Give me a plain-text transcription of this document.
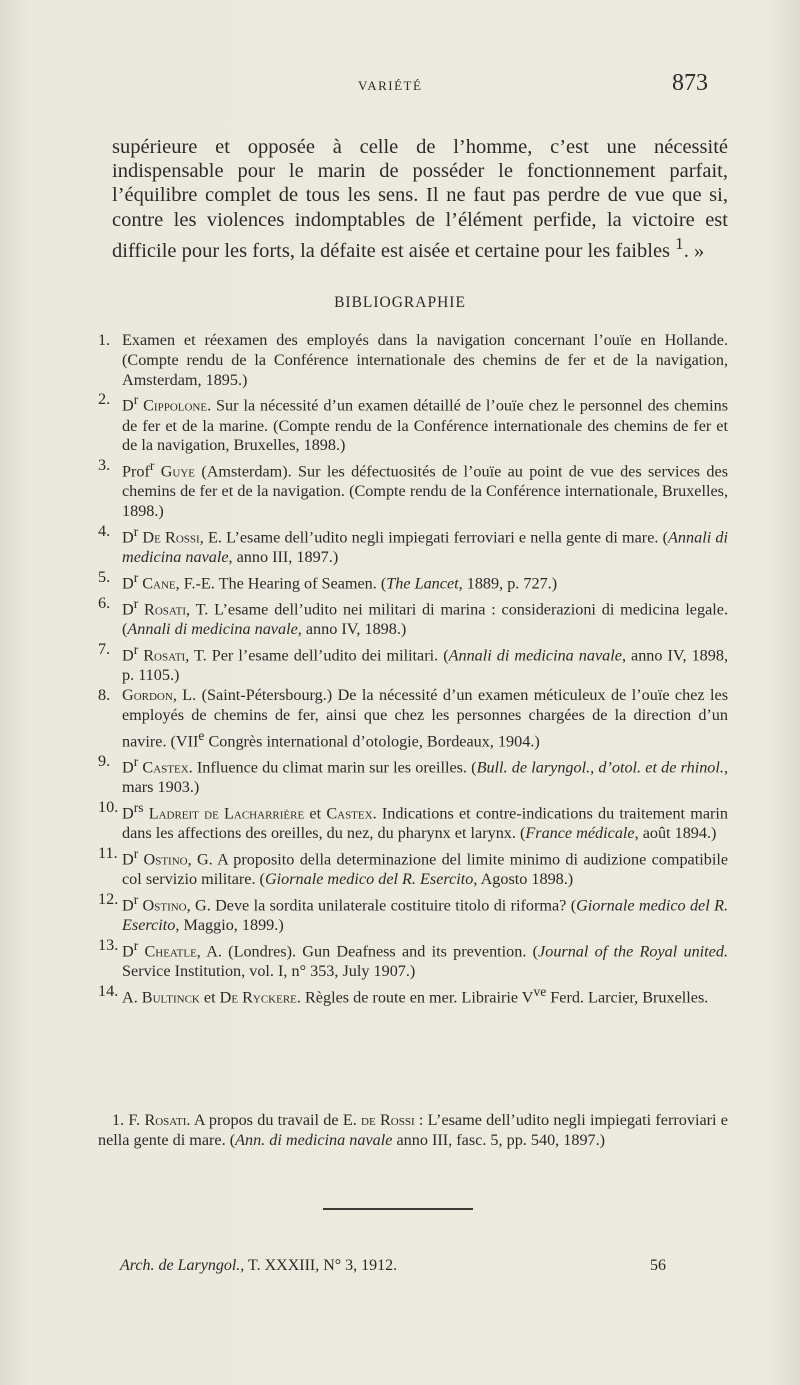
VARIÉTÉ	873

supérieure et opposée à celle de l’homme, c’est une nécessité indispensable pour le marin de posséder le fonctionnement parfait, l’équilibre complet de tous les sens. Il ne faut pas perdre de vue que si, contre les violences indomptables de l’élément perfide, la victoire est difficile pour les forts, la défaite est aisée et certaine pour les faibles $^1$. »

BIBLIOGRAPHIE
1 . Examen et réexamen des employés dans la navigation concernant l’ouïe en Hollande. (Compte rendu de la Conférence internationale des chemins de fer et de la navigation, Amsterdam, 1895.)
2 . $D^r$ Cippolone. Sur la nécessité d’un examen détaillé de l’ouïe chez le personnel des chemins de fer et de la marine. (Compte rendu de la Conférence internationale des chemins de fer et de la navigation, Bruxelles, 1898.)
3 . Prof$^r$ Guye (Amsterdam). Sur les défectuosités de l’ouïe au point de vue des services des chemins de fer et de la navigation. (Compte rendu de la Conférence internationale, Bruxelles, 1898.)
4 . $D^r$ De Rossi, E. L’esame dell’udito negli impiegati ferroviari e nella gente di mare. (Annali di medicina navale, anno III, 1897.)
5 . $D^r$ Cane, F.-E. The Hearing of Seamen. (The Lancet, 1889, p. 727.)
6 . $D^r$ Rosati, T. L’esame dell’udito nei militari di marina : considerazioni di medicina legale. (Annali di medicina navale, anno IV, 1898.)
7 . $D^r$ Rosati, T. Per l’esame dell’udito dei militari. (Annali di medicina navale, anno IV, 1898, p. 1105.)
8 . Gordon, L. (Saint-Pétersbourg.) De la nécessité d’un examen méticuleux de l’ouïe chez les employés de chemins de fer, ainsi que chez les personnes chargées de la direction d’un navire. (VIIe Congrès international d’otologie, Bordeaux, 1904.)
9 . $D^r$ Castex. Influence du climat marin sur les oreilles. (Bull. de laryngol., d’otol. et de rhinol., mars 1903.)
10 . $D^{rs}$ Ladreit de Lacharrière et Castex. Indications et contre-indications du traitement marin dans les affections des oreilles, du nez, du pharynx et larynx. (France médicale, août 1894.)
11 . $D^r$ Ostino, G. A proposito della determinazione del limite minimo di audizione compatibile col servizio militare. (Giornale medico del R. Esercito, Agosto 1898.)
12 . $D^r$ Ostino, G. Deve la sordita unilaterale costituire titolo di riforma? (Giornale medico del R. Esercito, Maggio, 1899.)
13 . $D^r$ Cheatle, A. (Londres). Gun Deafness and its prevention. (Journal of the Royal united. Service Institution, vol. I, n° 353, July 1907.)
14 . A. Bultinck et De Ryckere. Règles de route en mer. Librairie $V^{ve}$ Ferd. Larcier, Bruxelles.

1. F. Rosati. A propos du travail de E. de Rossi : L’esame dell’udito negli impiegati ferroviari e nella gente di mare. (Ann. di medicina navale anno III, fasc. 5, pp. 540, 1897.)

Arch. de Laryngol., T. XXXIII, N° 3, 1912.	56
